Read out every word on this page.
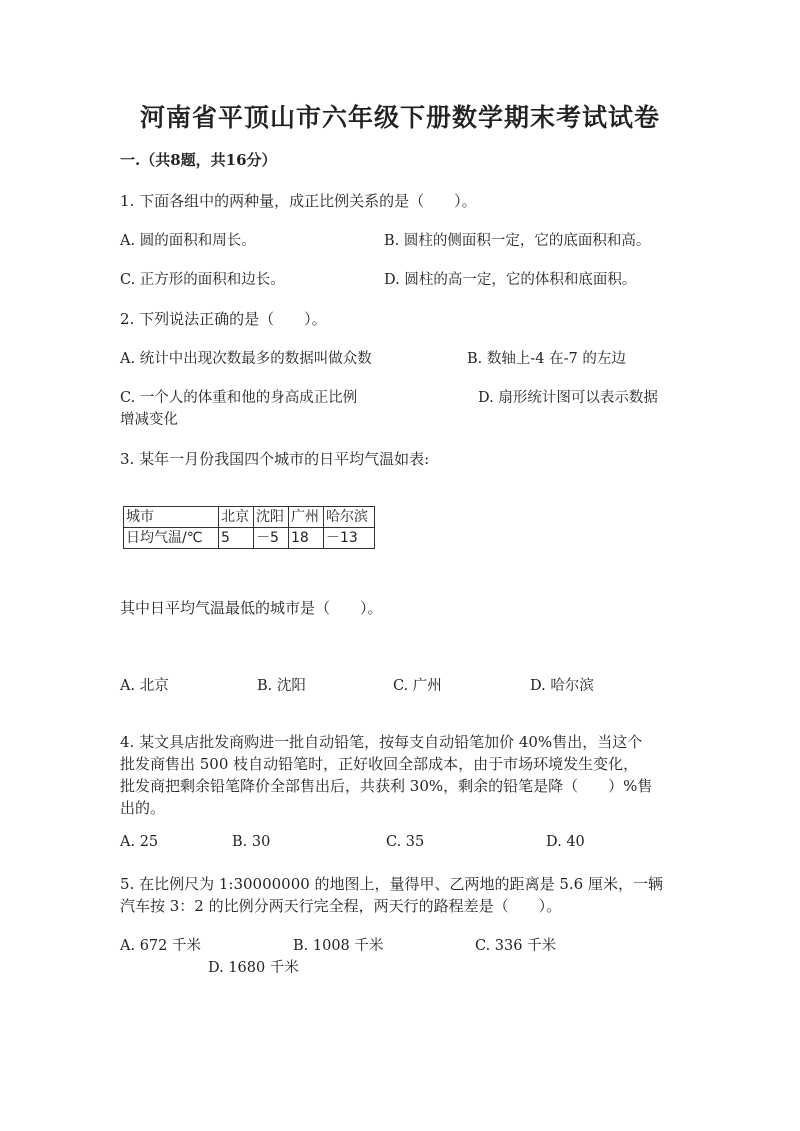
河南省平顶山市六年级下册数学期末考试试卷
一.（共8题，共16分）
1. 下面各组中的两种量，成正比例关系的是（　　）。
A. 圆的面积和周长。	B. 圆柱的侧面积一定，它的底面积和高。
C. 正方形的面积和边长。	D. 圆柱的高一定，它的体积和底面积。
2. 下列说法正确的是（　　）。
A. 统计中出现次数最多的数据叫做众数	B. 数轴上-4 在-7 的左边
C. 一个人的体重和他的身高成正比例	D. 扇形统计图可以表示数据
增减变化
3. 某年一月份我国四个城市的日平均气温如表:
城市	北京	沈阳	广州	哈尔滨
日均气温/℃	5	－5	18	－13
其中日平均气温最低的城市是（　　）。
A. 北京	B. 沈阳	C. 广州	D. 哈尔滨
4. 某文具店批发商购进一批自动铅笔，按每支自动铅笔加价 40%售出，当这个
批发商售出 500 枝自动铅笔时，正好收回全部成本，由于市场环境发生变化，
批发商把剩余铅笔降价全部售出后，共获利 30%，剩余的铅笔是降（　　）%售
出的。
A. 25	B. 30	C. 35	D. 40
5. 在比例尺为 1:30000000 的地图上，量得甲、乙两地的距离是 5.6 厘米，一辆
汽车按 3：2 的比例分两天行完全程，两天行的路程差是（　　）。
A. 672 千米	B. 1008 千米	C. 336 千米
D. 1680 千米
